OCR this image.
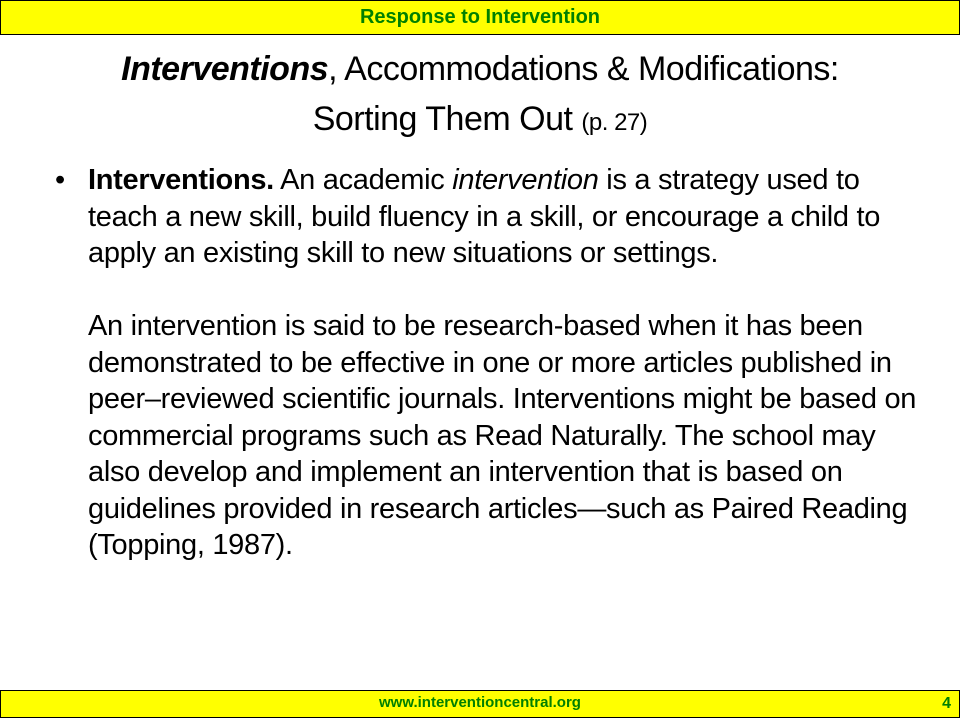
Response to Intervention
Interventions, Accommodations & Modifications:
Sorting Them Out (p. 27)
• Interventions. An academic intervention is a strategy used to teach a new skill, build fluency in a skill, or encourage a child to apply an existing skill to new situations or settings.

An intervention is said to be research-based when it has been demonstrated to be effective in one or more articles published in peer–reviewed scientific journals. Interventions might be based on commercial programs such as Read Naturally. The school may also develop and implement an intervention that is based on guidelines provided in research articles—such as Paired Reading (Topping, 1987).

www.interventioncentral.org	4
